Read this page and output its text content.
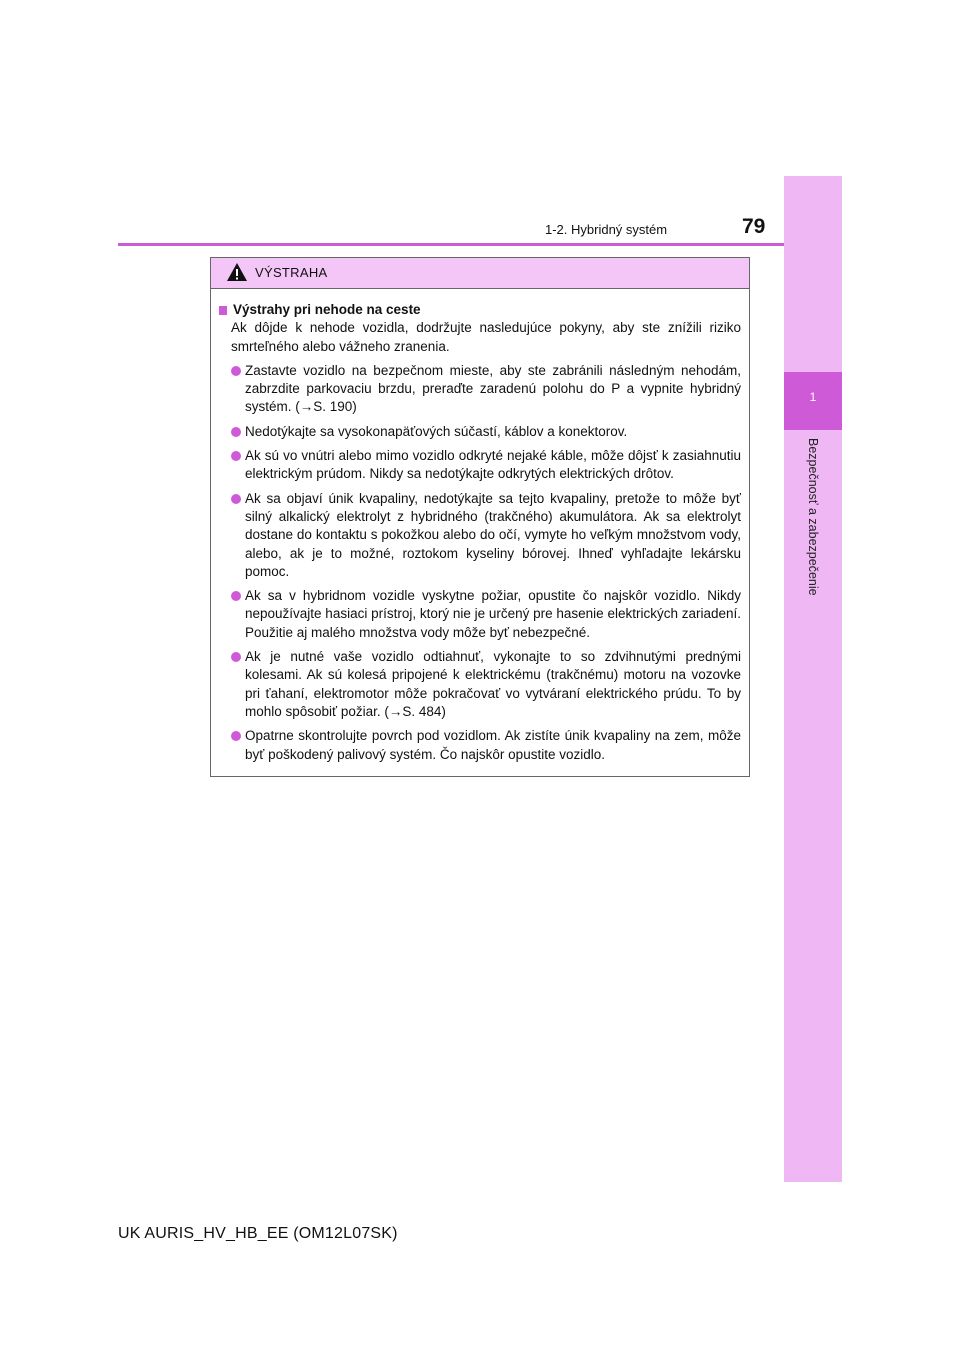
1
Bezpečnosť a zabezpečenie
1-2. Hybridný systém	79
VÝSTRAHA

Výstrahy pri nehode na ceste

Ak dôjde k nehode vozidla, dodržujte nasledujúce pokyny, aby ste znížili riziko smrteľného alebo vážneho zranenia.

Zastavte vozidlo na bezpečnom mieste, aby ste zabránili následným nehodám, zabrzdite parkovaciu brzdu, preraďte zaradenú polohu do P a vypnite hybridný systém. (→S. 190)
Nedotýkajte sa vysokonapäťových súčastí, káblov a konektorov.
Ak sú vo vnútri alebo mimo vozidlo odkryté nejaké káble, môže dôjsť k zasiahnutiu elektrickým prúdom. Nikdy sa nedotýkajte odkrytých elektrických drôtov.
Ak sa objaví únik kvapaliny, nedotýkajte sa tejto kvapaliny, pretože to môže byť silný alkalický elektrolyt z hybridného (trakčného) akumulátora. Ak sa elektrolyt dostane do kontaktu s pokožkou alebo do očí, vymyte ho veľkým množstvom vody, alebo, ak je to možné, roztokom kyseliny bórovej. Ihneď vyhľadajte lekársku pomoc.
Ak sa v hybridnom vozidle vyskytne požiar, opustite čo najskôr vozidlo. Nikdy nepoužívajte hasiaci prístroj, ktorý nie je určený pre hasenie elektrických zariadení. Použitie aj malého množstva vody môže byť nebezpečné.
Ak je nutné vaše vozidlo odtiahnuť, vykonajte to so zdvihnutými prednými kolesami. Ak sú kolesá pripojené k elektrickému (trakčnému) motoru na vozovke pri ťahaní, elektromotor môže pokračovať vo vytváraní elektrického prúdu. To by mohlo spôsobiť požiar. (→S. 484)
Opatrne skontrolujte povrch pod vozidlom. Ak zistíte únik kvapaliny na zem, môže byť poškodený palivový systém. Čo najskôr opustite vozidlo.
UK AURIS_HV_HB_EE (OM12L07SK)
